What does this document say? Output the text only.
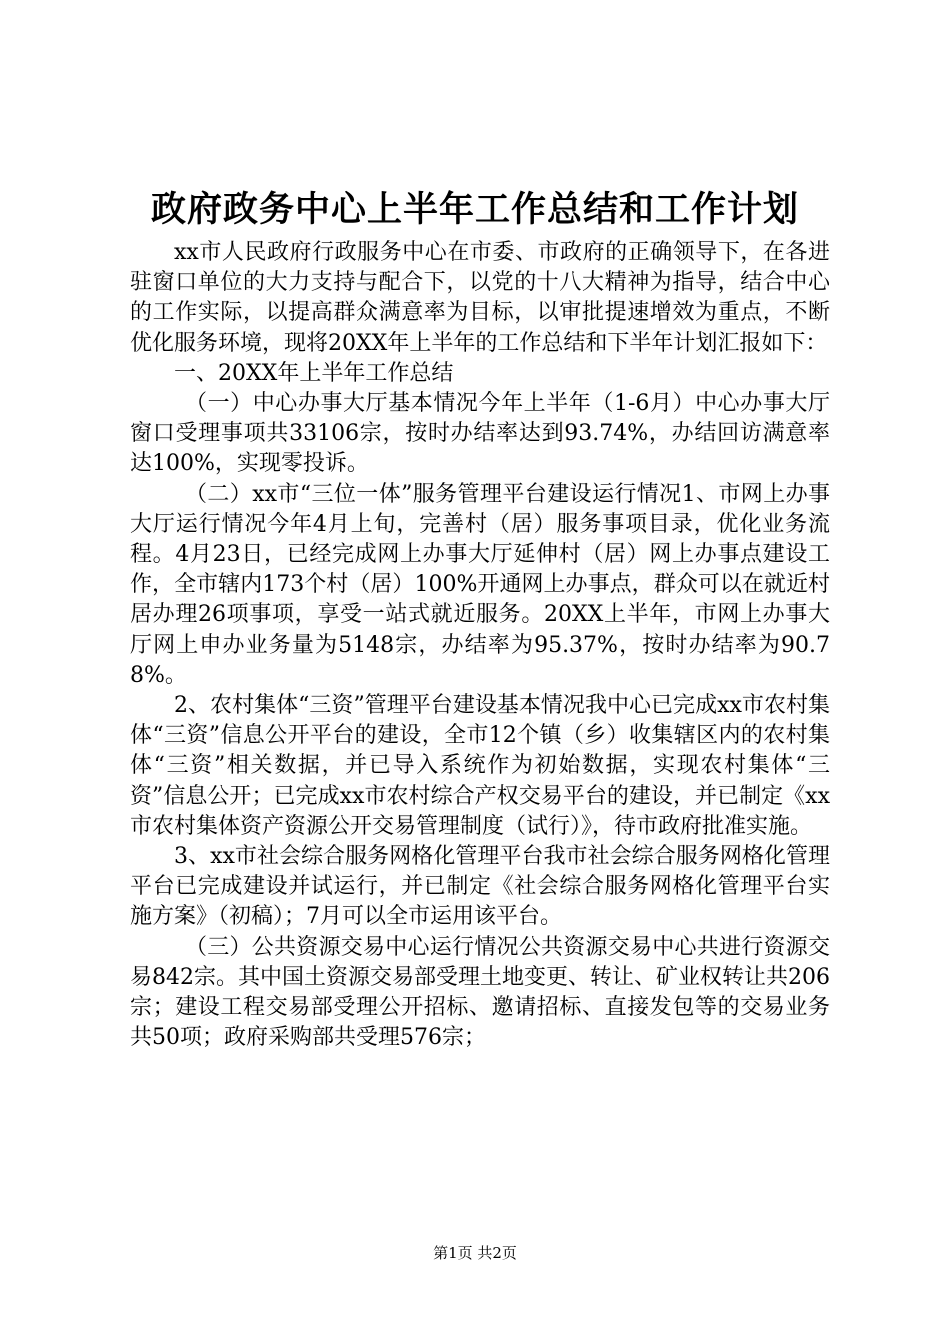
政府政务中心上半年工作总结和工作计划

xx市人民政府行政服务中心在市委、市政府的正确领导下，在各进驻窗口单位的大力支持与配合下，以党的十八大精神为指导，结合中心的工作实际，以提高群众满意率为目标，以审批提速增效为重点，不断优化服务环境，现将20XX年上半年的工作总结和下半年计划汇报如下：

一、20XX年上半年工作总结

（一）中心办事大厅基本情况今年上半年（1-6月）中心办事大厅窗口受理事项共33106宗，按时办结率达到93.74%，办结回访满意率达100%，实现零投诉。

（二）xx市“三位一体”服务管理平台建设运行情况1、市网上办事大厅运行情况今年4月上旬，完善村（居）服务事项目录，优化业务流程。4月23日，已经完成网上办事大厅延伸村（居）网上办事点建设工作，全市辖内173个村（居）100%开通网上办事点，群众可以在就近村居办理26项事项，享受一站式就近服务。20XX上半年，市网上办事大厅网上申办业务量为5148宗，办结率为95.37%，按时办结率为90.78%。

2、农村集体“三资”管理平台建设基本情况我中心已完成xx市农村集体“三资”信息公开平台的建设，全市12个镇（乡）收集辖区内的农村集体“三资”相关数据，并已导入系统作为初始数据，实现农村集体“三资”信息公开；已完成xx市农村综合产权交易平台的建设，并已制定《xx市农村集体资产资源公开交易管理制度（试行）》，待市政府批准实施。

3、xx市社会综合服务网格化管理平台我市社会综合服务网格化管理平台已完成建设并试运行，并已制定《社会综合服务网格化管理平台实施方案》（初稿）；7月可以全市运用该平台。

（三）公共资源交易中心运行情况公共资源交易中心共进行资源交易842宗。其中国土资源交易部受理土地变更、转让、矿业权转让共206宗；建设工程交易部受理公开招标、邀请招标、直接发包等的交易业务共50项；政府采购部共受理576宗；

第1页 共2页
